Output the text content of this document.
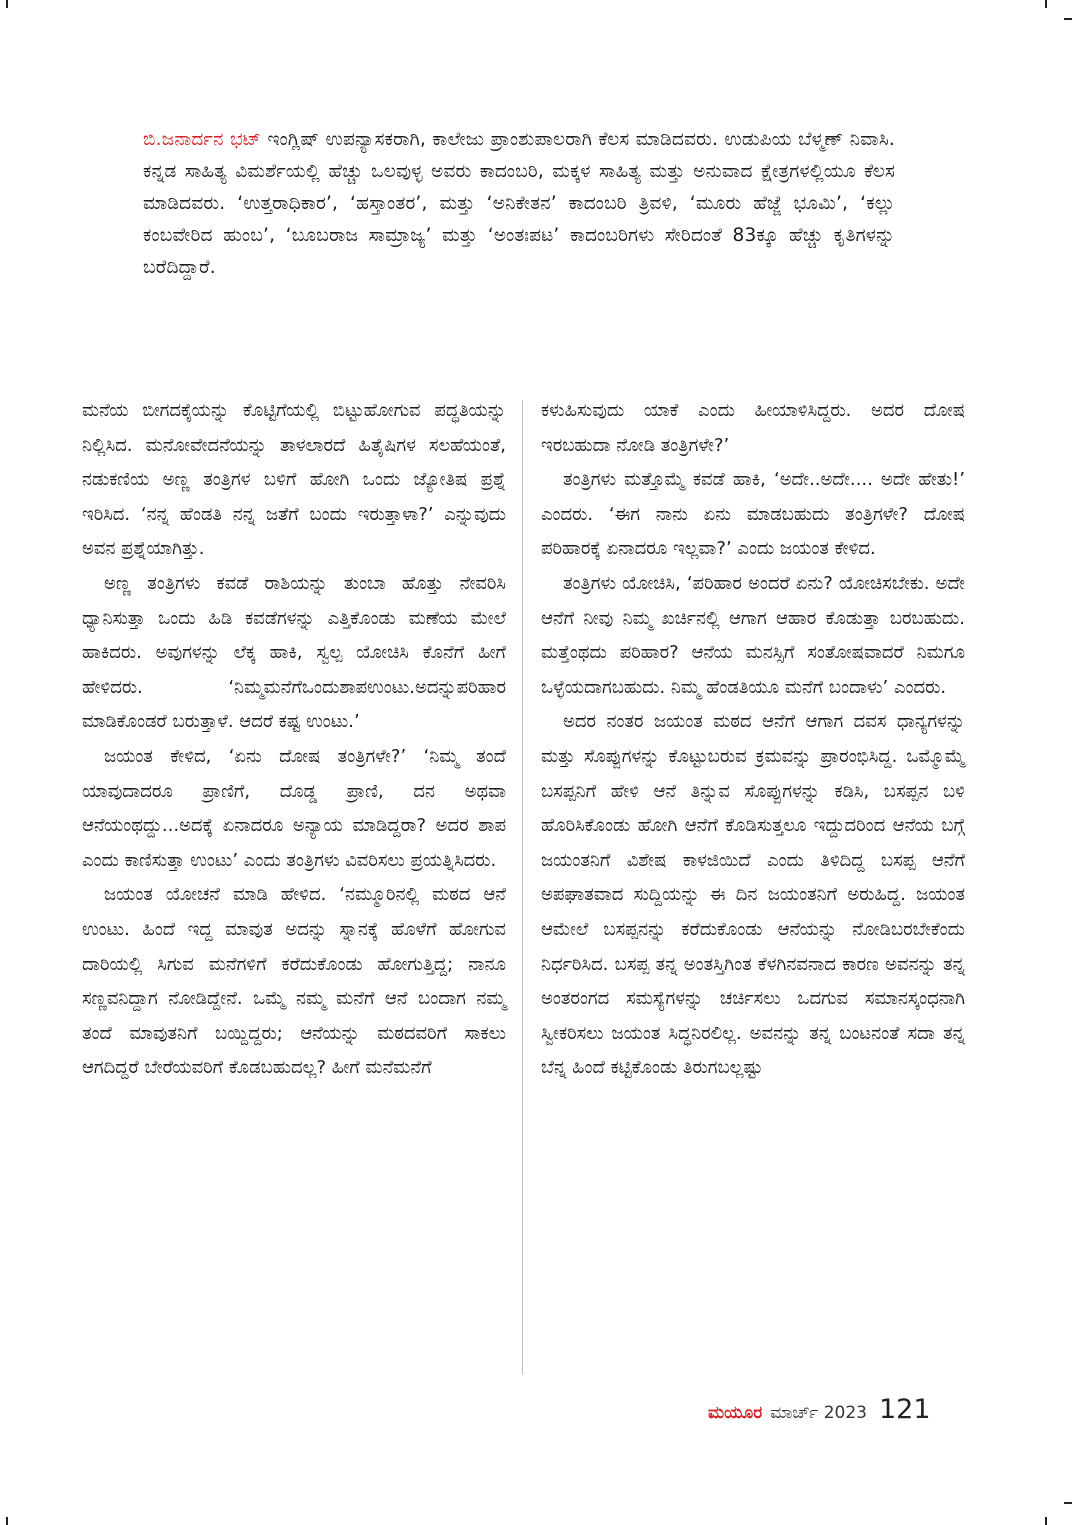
ಬಿ.ಜನಾರ್ದನ ಭಟ್ ಇಂಗ್ಲಿಷ್ ಉಪನ್ಯಾಸಕರಾಗಿ, ಕಾಲೇಜು ಪ್ರಾಂಶುಪಾಲರಾಗಿ ಕೆಲಸ ಮಾಡಿದವರು. ಉಡುಪಿಯ ಬೆಳ್ಮಣ್ ನಿವಾಸಿ. ಕನ್ನಡ ಸಾಹಿತ್ಯ ವಿಮರ್ಶೆಯಲ್ಲಿ ಹೆಚ್ಚು ಒಲವುಳ್ಳ ಅವರು ಕಾದಂಬರಿ, ಮಕ್ಕಳ ಸಾಹಿತ್ಯ ಮತ್ತು ಅನುವಾದ ಕ್ಷೇತ್ರಗಳಲ್ಲಿಯೂ ಕೆಲಸ ಮಾಡಿದವರು. ‘ಉತ್ತರಾಧಿಕಾರ’, ‘ಹಸ್ತಾಂತರ’, ಮತ್ತು ‘ಅನಿಕೇತನ’ ಕಾದಂಬರಿ ತ್ರಿವಳಿ, ‘ಮೂರು ಹೆಜ್ಜೆ ಭೂಮಿ’, ‘ಕಲ್ಲು ಕಂಬವೇರಿದ ಹುಂಬ’, ‘ಬೂಬರಾಜ ಸಾಮ್ರಾಜ್ಯ’ ಮತ್ತು ‘ಅಂತಃಪಟ’ ಕಾದಂಬರಿಗಳು ಸೇರಿದಂತೆ 83ಕ್ಕೂ ಹೆಚ್ಚು ಕೃತಿಗಳನ್ನು ಬರೆದಿದ್ದಾರೆ.

ಮನೆಯ ಬೀಗದಕೈಯನ್ನು ಕೊಟ್ಟಿಗೆಯಲ್ಲಿ ಬಿಟ್ಟುಹೋಗುವ ಪದ್ಧತಿಯನ್ನು ನಿಲ್ಲಿಸಿದ. ಮನೋವೇದನೆಯನ್ನು ತಾಳಲಾರದೆ ಹಿತೈಷಿಗಳ ಸಲಹೆಯಂತೆ, ನಡುಕಣಿಯ ಅಣ್ಣ ತಂತ್ರಿಗಳ ಬಳಿಗೆ ಹೋಗಿ ಒಂದು ಜ್ಯೋತಿಷ ಪ್ರಶ್ನೆ ಇರಿಸಿದ. ‘ನನ್ನ ಹೆಂಡತಿ ನನ್ನ ಜತೆಗೆ ಬಂದು ಇರುತ್ತಾಳಾ?’ ಎನ್ನುವುದು ಅವನ ಪ್ರಶ್ನೆಯಾಗಿತ್ತು.

ಅಣ್ಣ ತಂತ್ರಿಗಳು ಕವಡೆ ರಾಶಿಯನ್ನು ತುಂಬಾ ಹೊತ್ತು ನೇವರಿಸಿ ಧ್ಯಾನಿಸುತ್ತಾ ಒಂದು ಹಿಡಿ ಕವಡೆಗಳನ್ನು ಎತ್ತಿಕೊಂಡು ಮಣೆಯ ಮೇಲೆ ಹಾಕಿದರು. ಅವುಗಳನ್ನು ಲೆಕ್ಕ ಹಾಕಿ, ಸ್ವಲ್ಪ ಯೋಚಿಸಿ ಕೊನೆಗೆ ಹೀಗೆ ಹೇಳಿದರು. ‘ನಿಮ್ಮಮನೆಗೆಒಂದುಶಾಪಉಂಟು.ಅದನ್ನುಪರಿಹಾರ ಮಾಡಿಕೊಂಡರೆ ಬರುತ್ತಾಳೆ. ಆದರೆ ಕಷ್ಟ ಉಂಟು.’

ಜಯಂತ ಕೇಳಿದ, ‘ಏನು ದೋಷ ತಂತ್ರಿಗಳೇ?’ ‘ನಿಮ್ಮ ತಂದೆ ಯಾವುದಾದರೂ ಪ್ರಾಣಿಗೆ, ದೊಡ್ಡ ಪ್ರಾಣಿ, ದನ ಅಥವಾ ಆನೆಯಂಥದ್ದು...ಅದಕ್ಕೆ ಏನಾದರೂ ಅನ್ಯಾಯ ಮಾಡಿದ್ದರಾ? ಅದರ ಶಾಪ ಎಂದು ಕಾಣಿಸುತ್ತಾ ಉಂಟು’ ಎಂದು ತಂತ್ರಿಗಳು ವಿವರಿಸಲು ಪ್ರಯತ್ನಿಸಿದರು.

ಜಯಂತ ಯೋಚನೆ ಮಾಡಿ ಹೇಳಿದ. ‘ನಮ್ಮೂರಿನಲ್ಲಿ ಮಠದ ಆನೆ ಉಂಟು. ಹಿಂದೆ ಇದ್ದ ಮಾವುತ ಅದನ್ನು ಸ್ನಾನಕ್ಕೆ ಹೊಳೆಗೆ ಹೋಗುವ ದಾರಿಯಲ್ಲಿ ಸಿಗುವ ಮನೆಗಳಿಗೆ ಕರೆದುಕೊಂಡು ಹೋಗುತ್ತಿದ್ದ; ನಾನೂ ಸಣ್ಣವನಿದ್ದಾಗ ನೋಡಿದ್ದೇನೆ. ಒಮ್ಮೆ ನಮ್ಮ ಮನೆಗೆ ಆನೆ ಬಂದಾಗ ನಮ್ಮ ತಂದೆ ಮಾವುತನಿಗೆ ಬಯ್ದಿದ್ದರು; ಆನೆಯನ್ನು ಮಠದವರಿಗೆ ಸಾಕಲು ಆಗದಿದ್ದರೆ ಬೇರೆಯವರಿಗೆ ಕೊಡಬಹುದಲ್ಲ? ಹೀಗೆ ಮನೆಮನೆಗೆ

ಕಳುಹಿಸುವುದು ಯಾಕೆ ಎಂದು ಹೀಯಾಳಿಸಿದ್ದರು. ಅದರ ದೋಷ ಇರಬಹುದಾ ನೋಡಿ ತಂತ್ರಿಗಳೇ?’

ತಂತ್ರಿಗಳು ಮತ್ತೊಮ್ಮೆ ಕವಡೆ ಹಾಕಿ, ‘ಅದೇ..ಅದೇ.... ಅದೇ ಹೇತು!’ ಎಂದರು. ‘ಈಗ ನಾನು ಏನು ಮಾಡಬಹುದು ತಂತ್ರಿಗಳೇ? ದೋಷ ಪರಿಹಾರಕ್ಕೆ ಏನಾದರೂ ಇಲ್ಲವಾ?’ ಎಂದು ಜಯಂತ ಕೇಳಿದ.

ತಂತ್ರಿಗಳು ಯೋಚಿಸಿ, ‘ಪರಿಹಾರ ಅಂದರೆ ಏನು? ಯೋಚಿಸಬೇಕು. ಅದೇ ಆನೆಗೆ ನೀವು ನಿಮ್ಮ ಖರ್ಚಿನಲ್ಲಿ ಆಗಾಗ ಆಹಾರ ಕೊಡುತ್ತಾ ಬರಬಹುದು. ಮತ್ತೆಂಥದು ಪರಿಹಾರ? ಆನೆಯ ಮನಸ್ಸಿಗೆ ಸಂತೋಷವಾದರೆ ನಿಮಗೂ ಒಳ್ಳೆಯದಾಗಬಹುದು. ನಿಮ್ಮ ಹೆಂಡತಿಯೂ ಮನೆಗೆ ಬಂದಾಳು’ ಎಂದರು.

ಅದರ ನಂತರ ಜಯಂತ ಮಠದ ಆನೆಗೆ ಆಗಾಗ ದವಸ ಧಾನ್ಯಗಳನ್ನು ಮತ್ತು ಸೊಪ್ಪುಗಳನ್ನು ಕೊಟ್ಟುಬರುವ ಕ್ರಮವನ್ನು ಪ್ರಾರಂಭಿಸಿದ್ದ. ಒಮ್ಮೊಮ್ಮೆ ಬಸಪ್ಪನಿಗೆ ಹೇಳಿ ಆನೆ ತಿನ್ನುವ ಸೊಪ್ಪುಗಳನ್ನು ಕಡಿಸಿ, ಬಸಪ್ಪನ ಬಳಿ ಹೊರಿಸಿಕೊಂಡು ಹೋಗಿ ಆನೆಗೆ ಕೊಡಿಸುತ್ತಲೂ ಇದ್ದುದರಿಂದ ಆನೆಯ ಬಗ್ಗೆ ಜಯಂತನಿಗೆ ವಿಶೇಷ ಕಾಳಜಿಯಿದೆ ಎಂದು ತಿಳಿದಿದ್ದ ಬಸಪ್ಪ ಆನೆಗೆ ಅಪಘಾತವಾದ ಸುದ್ದಿಯನ್ನು ಈ ದಿನ ಜಯಂತನಿಗೆ ಅರುಹಿದ್ದ. ಜಯಂತ ಆಮೇಲೆ ಬಸಪ್ಪನನ್ನು ಕರೆದುಕೊಂಡು ಆನೆಯನ್ನು ನೋಡಿಬರಬೇಕೆಂದು ನಿರ್ಧರಿಸಿದ. ಬಸಪ್ಪ ತನ್ನ ಅಂತಸ್ತಿಗಿಂತ ಕೆಳಗಿನವನಾದ ಕಾರಣ ಅವನನ್ನು ತನ್ನ ಅಂತರಂಗದ ಸಮಸ್ಯೆಗಳನ್ನು ಚರ್ಚಿಸಲು ಒದಗುವ ಸಮಾನಸ್ಕಂಧನಾಗಿ ಸ್ವೀಕರಿಸಲು ಜಯಂತ ಸಿದ್ಧನಿರಲಿಲ್ಲ. ಅವನನ್ನು ತನ್ನ ಬಂಟನಂತೆ ಸದಾ ತನ್ನ ಬೆನ್ನ ಹಿಂದೆ ಕಟ್ಟಿಕೊಂಡು ತಿರುಗಬಲ್ಲಷ್ಟು

ಮಯೂರ ಮಾರ್ಚ್ 2023 121
